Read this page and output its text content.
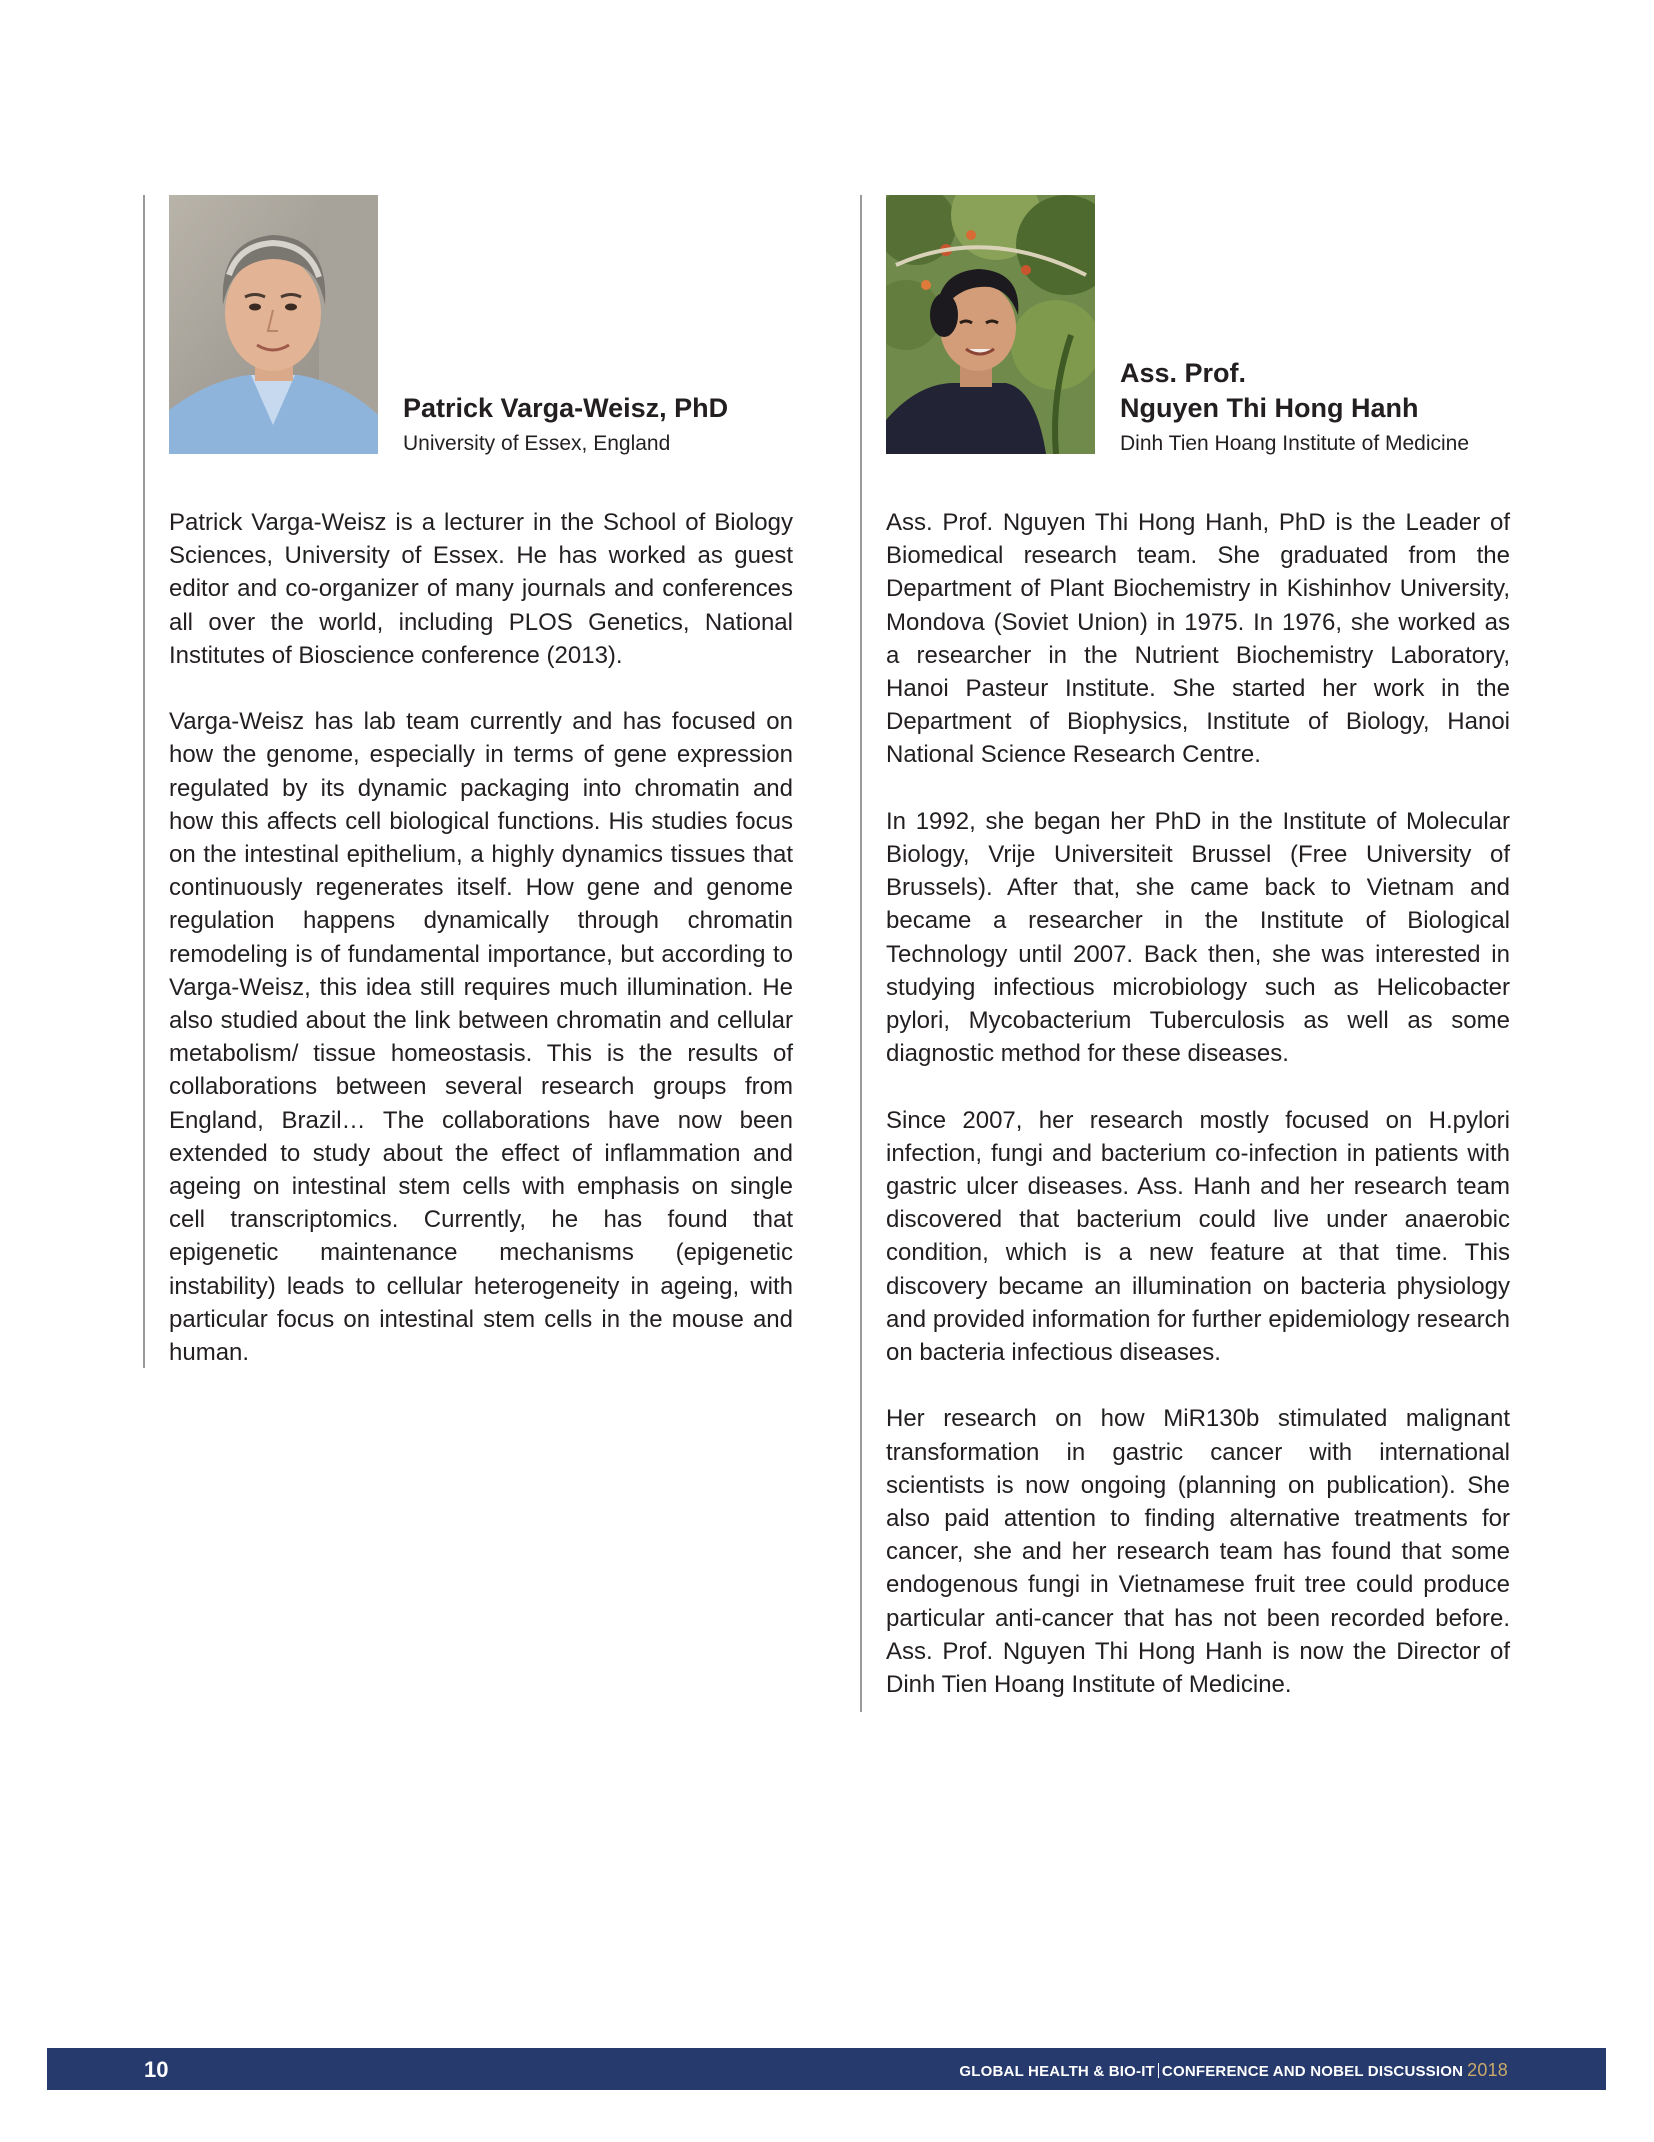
Patrick Varga-Weisz, PhD
University of Essex, England

Patrick Varga-Weisz is a lecturer in the School of Biology Sciences, University of Essex. He has worked as guest editor and co-organizer of many journals and conferences all over the world, including PLOS Genetics, National Institutes of Bioscience conference (2013).

Varga-Weisz has lab team currently and has focused on how the genome, especially in terms of gene expression regulated by its dynamic packaging into chromatin and how this affects cell biological functions. His studies focus on the intestinal epithelium, a highly dynamics tissues that continuously regenerates itself. How gene and genome regulation happens dynamically through chromatin remodeling is of fundamental importance, but according to Varga-Weisz, this idea still requires much illumination. He also studied about the link between chromatin and cellular metabolism/ tissue homeostasis. This is the results of collaborations between several research groups from England, Brazil… The collaborations have now been extended to study about the effect of inflammation and ageing on intestinal stem cells with emphasis on single cell transcriptomics. Currently, he has found that epigenetic maintenance mechanisms (epigenetic instability) leads to cellular heterogeneity in ageing, with particular focus on intestinal stem cells in the mouse and human.

Ass. Prof.
Nguyen Thi Hong Hanh
Dinh Tien Hoang Institute of Medicine

Ass. Prof. Nguyen Thi Hong Hanh, PhD is the Leader of Biomedical research team. She graduated from the Department of Plant Biochemistry in Kishinhov University, Mondova (Soviet Union) in 1975. In 1976, she worked as a researcher in the Nutrient Biochemistry Laboratory, Hanoi Pasteur Institute. She started her work in the Department of Biophysics, Institute of Biology, Hanoi National Science Research Centre.

In 1992, she began her PhD in the Institute of Molecular Biology, Vrije Universiteit Brussel (Free University of Brussels). After that, she came back to Vietnam and became a researcher in the Institute of Biological Technology until 2007. Back then, she was interested in studying infectious microbiology such as Helicobacter pylori, Mycobacterium Tuberculosis as well as some diagnostic method for these diseases.

Since 2007, her research mostly focused on H.pylori infection, fungi and bacterium co-infection in patients with gastric ulcer diseases. Ass. Hanh and her research team discovered that bacterium could live under anaerobic condition, which is a new feature at that time. This discovery became an illumination on bacteria physiology and provided information for further epidemiology research on bacteria infectious diseases.

Her research on how MiR130b stimulated malignant transformation in gastric cancer with international scientists is now ongoing (planning on publication). She also paid attention to finding alternative treatments for cancer, she and her research team has found that some endogenous fungi in Vietnamese fruit tree could produce particular anti-cancer that has not been recorded before. Ass. Prof. Nguyen Thi Hong Hanh is now the Director of Dinh Tien Hoang Institute of Medicine.

10	GLOBAL HEALTH & BIO-IT CONFERENCE AND NOBEL DISCUSSION 2018
